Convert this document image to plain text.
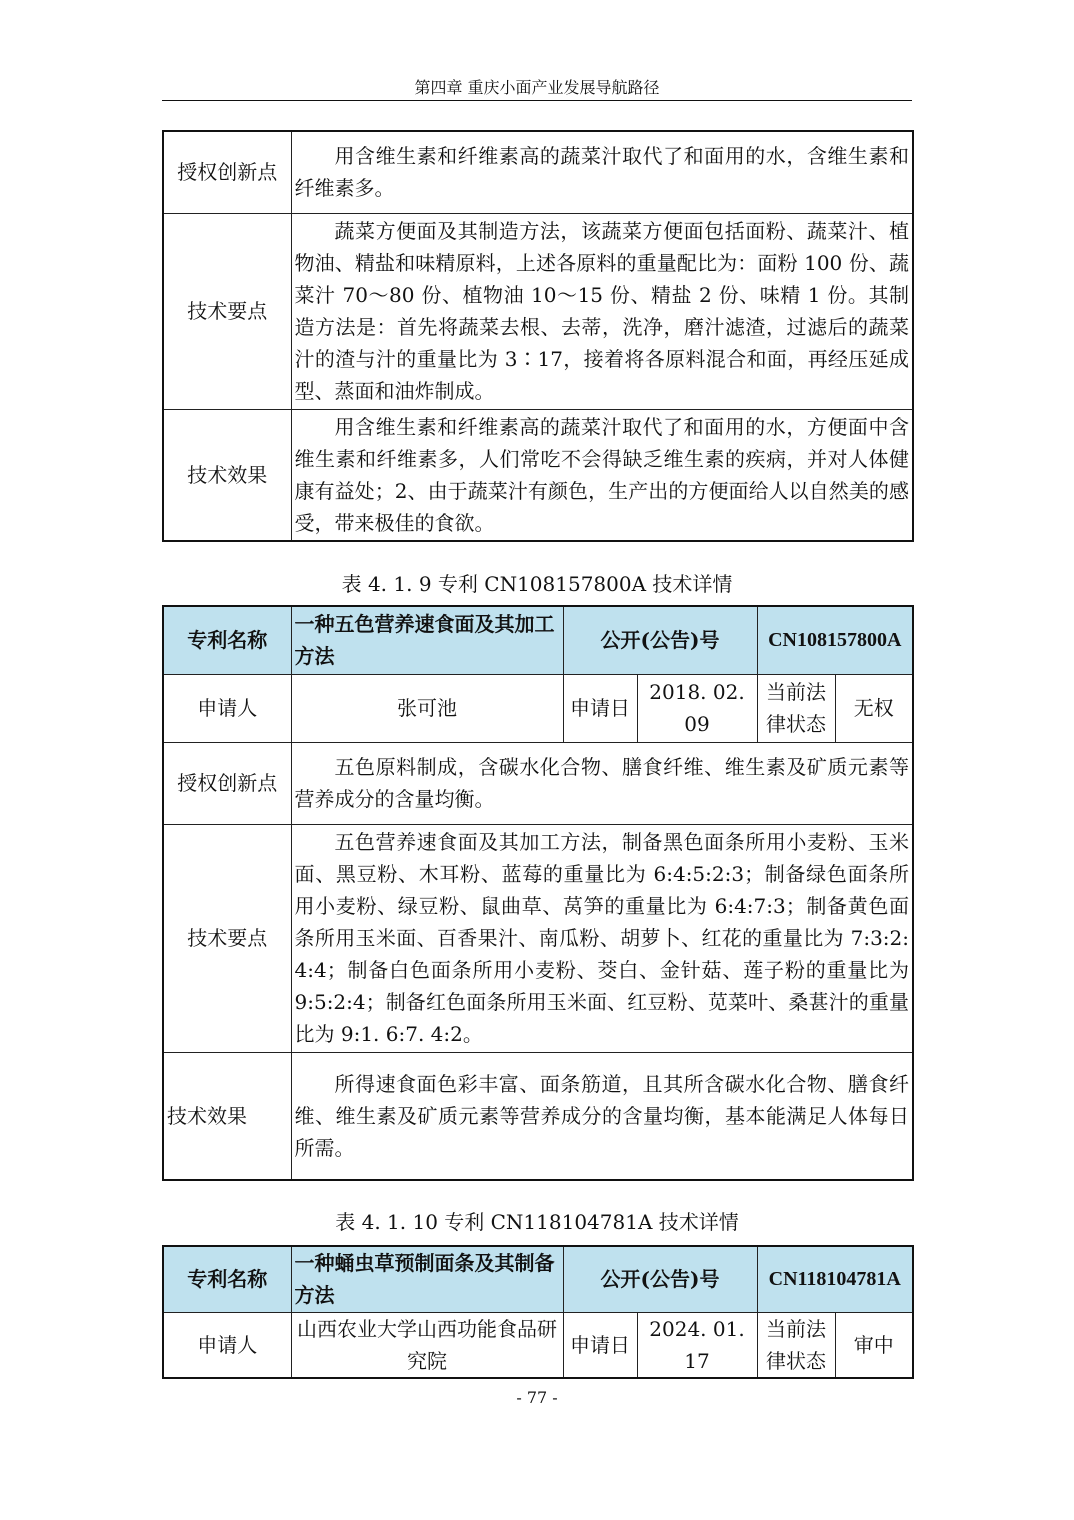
第四章 重庆小面产业发展导航路径
授权创新点	用含维生素和纤维素高的蔬菜汁取代了和面用的水，含维生素和纤维素多。
技术要点	蔬菜方便面及其制造方法，该蔬菜方便面包括面粉、蔬菜汁、植物油、精盐和味精原料，上述各原料的重量配比为：面粉 100 份、蔬菜汁 70～80 份、植物油 10～15 份、精盐 2 份、味精 1 份。其制造方法是：首先将蔬菜去根、去蒂，洗净，磨汁滤渣，过滤后的蔬菜汁的渣与汁的重量比为 3∶17，接着将各原料混合和面，再经压延成型、蒸面和油炸制成。
技术效果	用含维生素和纤维素高的蔬菜汁取代了和面用的水，方便面中含维生素和纤维素多，人们常吃不会得缺乏维生素的疾病，并对人体健康有益处；2、由于蔬菜汁有颜色，生产出的方便面给人以自然美的感受，带来极佳的食欲。
表 4. 1. 9 专利 CN108157800A 技术详情
专利名称	一种五色营养速食面及其加工方法	公开(公告)号		CN108157800A	
申请人	张可池	申请日	2018. 02. 09	当前法律状态	无权
授权创新点	五色原料制成，含碳水化合物、膳食纤维、维生素及矿质元素等营养成分的含量均衡。				
技术要点	五色营养速食面及其加工方法，制备黑色面条所用小麦粉、玉米面、黑豆粉、木耳粉、蓝莓的重量比为 6:4:5:2:3；制备绿色面条所用小麦粉、绿豆粉、鼠曲草、莴笋的重量比为 6:4:7:3；制备黄色面条所用玉米面、百香果汁、南瓜粉、胡萝卜、红花的重量比为 7:3:2:4:4；制备白色面条所用小麦粉、茭白、金针菇、莲子粉的重量比为 9:5:2:4；制备红色面条所用玉米面、红豆粉、苋菜叶、桑葚汁的重量比为 9:1. 6:7. 4:2。				
技术效果	所得速食面色彩丰富、面条筋道，且其所含碳水化合物、膳食纤维、维生素及矿质元素等营养成分的含量均衡，基本能满足人体每日所需。				
表 4. 1. 10 专利 CN118104781A 技术详情
专利名称	一种蛹虫草预制面条及其制备方法	公开(公告)号		CN118104781A	
申请人	山西农业大学山西功能食品研究院	申请日	2024. 01. 17	当前法律状态	审中
- 77 -
